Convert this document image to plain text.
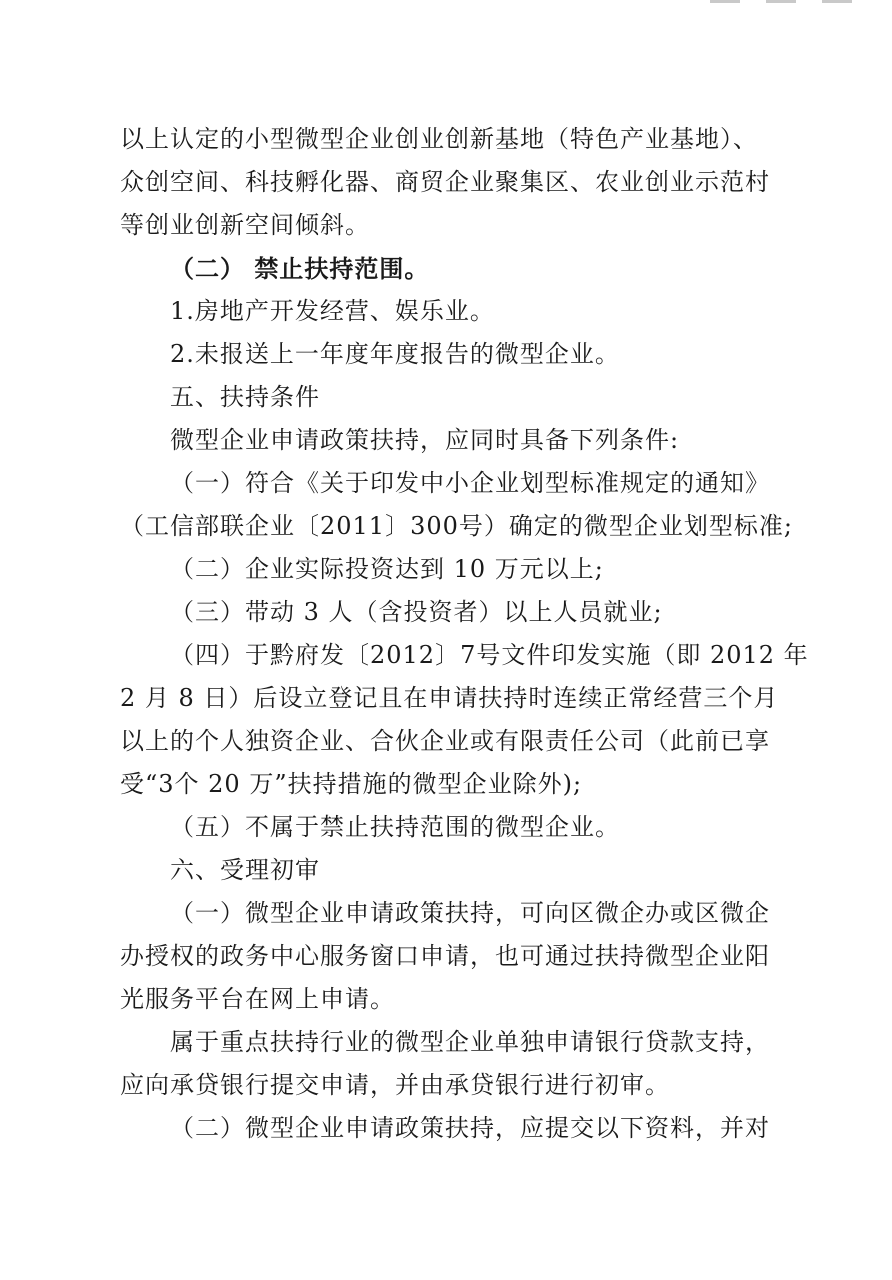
以上认定的小型微型企业创业创新基地（特色产业基地）、
众创空间、科技孵化器、商贸企业聚集区、农业创业示范村
等创业创新空间倾斜。
（二） 禁止扶持范围。
1.房地产开发经营、娱乐业。
2.未报送上一年度年度报告的微型企业。
五、扶持条件
微型企业申请政策扶持，应同时具备下列条件:
（一）符合《关于印发中小企业划型标准规定的通知》
（工信部联企业〔2011〕300号）确定的微型企业划型标准;
（二）企业实际投资达到 10 万元以上;
（三）带动 3 人（含投资者）以上人员就业;
（四）于黔府发〔2012〕7号文件印发实施（即 2012 年
2 月 8 日）后设立登记且在申请扶持时连续正常经营三个月
以上的个人独资企业、合伙企业或有限责任公司（此前已享
受“3个 20 万”扶持措施的微型企业除外);
（五）不属于禁止扶持范围的微型企业。
六、受理初审
（一）微型企业申请政策扶持，可向区微企办或区微企
办授权的政务中心服务窗口申请，也可通过扶持微型企业阳
光服务平台在网上申请。
属于重点扶持行业的微型企业单独申请银行贷款支持，
应向承贷银行提交申请，并由承贷银行进行初审。
（二）微型企业申请政策扶持，应提交以下资料，并对
